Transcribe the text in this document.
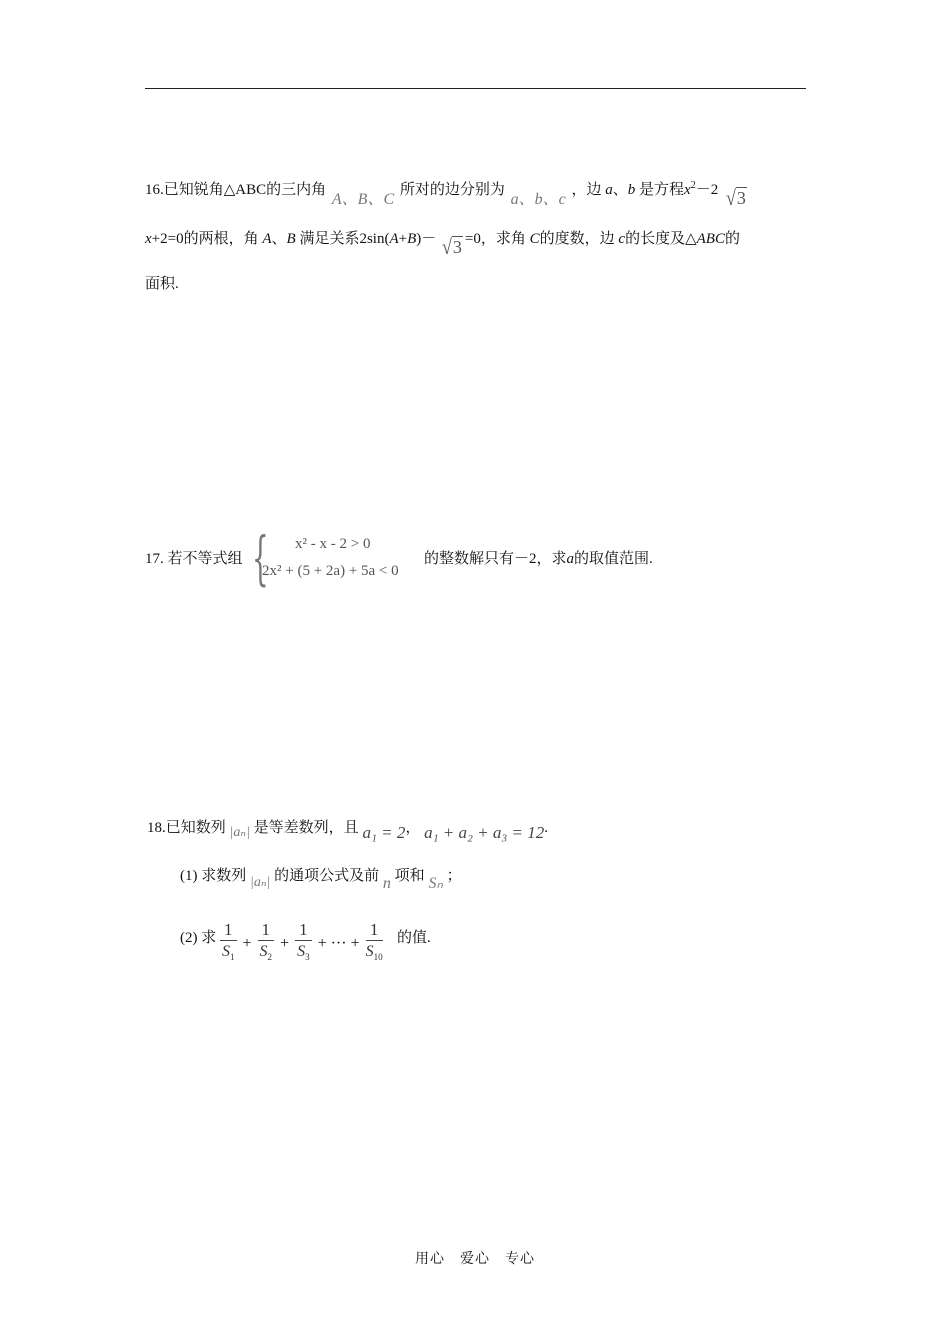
16.已知锐角△ABC的三内角 A、B、C 所对的边分别为 a、b、c ，边 a、b 是方程$x^2-2$ √3
x+2=0的两根，角 A、B 满足关系2sin(A+B)－ √3 =0，求角 C的度数，边 c的长度及△ABC的
面积.
17. 若不等式组 { x² - x - 2 > 0
2x² + (5 + 2a) + 5a < 0
的整数解只有－2，求a的取值范围.
18.已知数列 |aₙ| 是等差数列，且 a₁ = 2， a₁ + a₂ + a₃ = 12.
(1) 求数列 |aₙ| 的通项公式及前 n 项和 Sₙ ；
(2) 求 $\frac{1}{S_1} + \frac{1}{S_2} + \frac{1}{S_3}$ + ··· + $\frac{1}{S_{10}}$ 的值.
用心　爱心　专心
